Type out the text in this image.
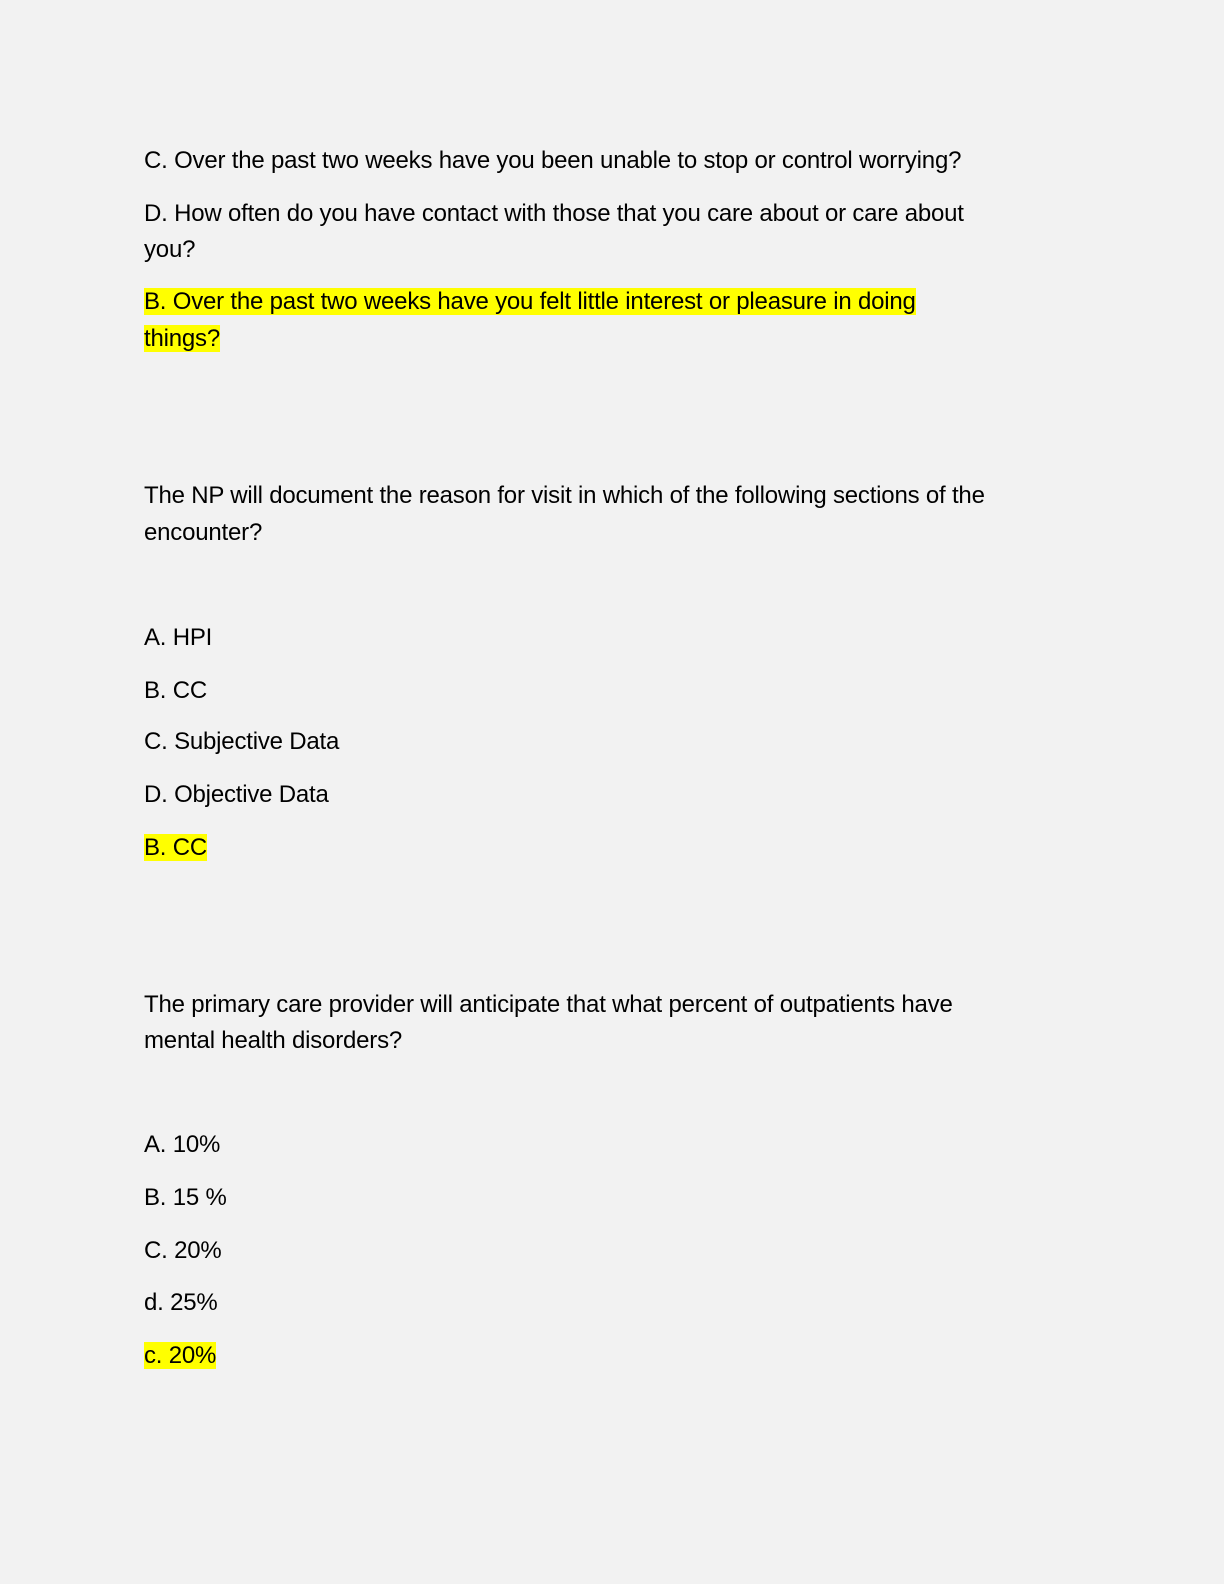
C. Over the past two weeks have you been unable to stop or control worrying?
D. How often do you have contact with those that you care about or care about
you?
B. Over the past two weeks have you felt little interest or pleasure in doing
things?
The NP will document the reason for visit in which of the following sections of the
encounter?
A. HPI
B. CC
C. Subjective Data
D. Objective Data
B. CC
The primary care provider will anticipate that what percent of outpatients have
mental health disorders?
A. 10%
B. 15 %
C. 20%
d. 25%
c. 20%
